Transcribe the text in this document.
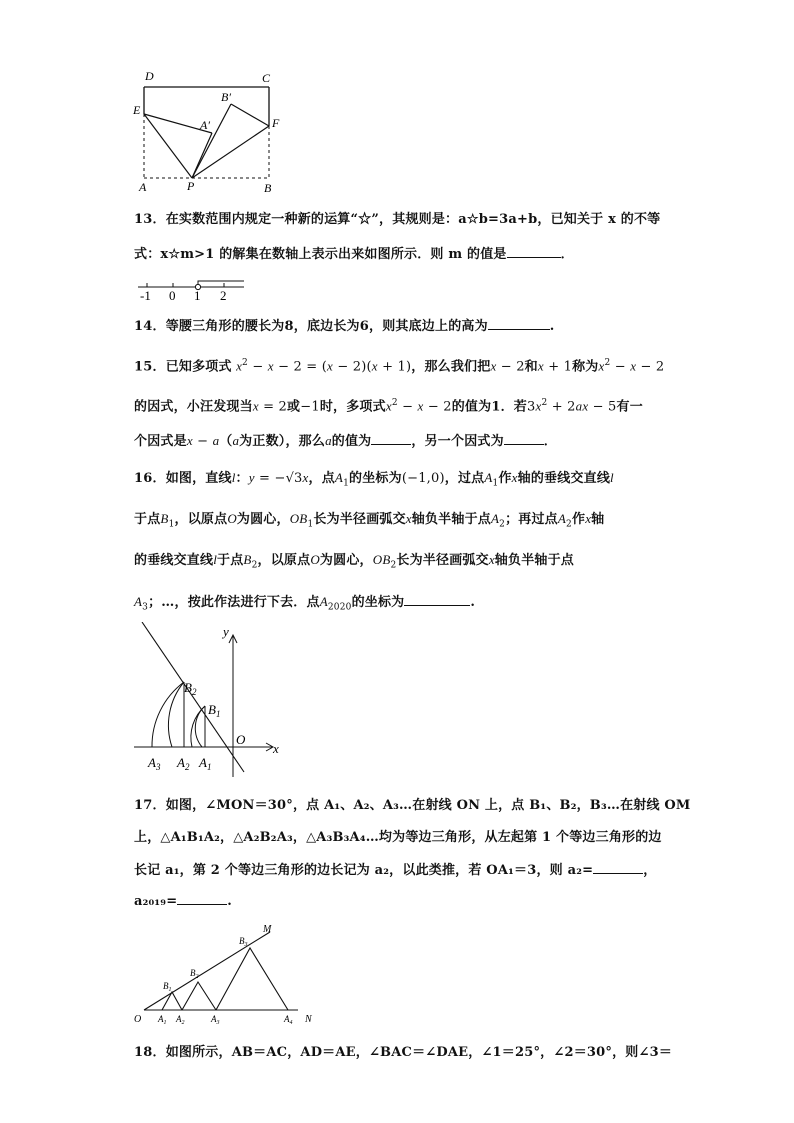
D	C
E
B′
A′	F
A	P	B
13．在实数范围内规定一种新的运算“☆”，其规则是：a☆b=3a+b，已知关于 x 的不等
式：x☆m>1 的解集在数轴上表示出来如图所示．则 m 的值是	．
-1 0 1 2
14．等腰三角形的腰长为8，底边长为6，则其底边上的高为	.
15．已知多项式 $x^2 - x - 2 = (x - 2)(x + 1)$，那么我们把x − 2和x + 1称为$x^2 - x - 2$
的因式，小汪发现当x = 2或−1时，多项式$x^2 - x - 2$的值为1．若$3x^2 + 2ax - 5$有一
个因式是x − a（a为正数），那么a的值为	，另一个因式为	．
16．如图，直线l：y = −√3x，点$A_1$的坐标为(−1,0)，过点$A_1$作x轴的垂线交直线l
于点$B_1$，以原点O为圆心，$OB_1$长为半径画弧交x轴负半轴于点$A_2$；再过点$A_2$作x轴
的垂线交直线l于点$B_2$，以原点O为圆心，$OB_2$长为半径画弧交x轴负半轴于点
$A_3$；…，按此作法进行下去．点$A_{2020}$的坐标为	.
y
x
O
$B_2$
$B_1$
$A_3$ $A_2$ $A_1$
17．如图，∠MON＝30°，点 A₁、A₂、A₃…在射线 ON 上，点 B₁、B₂，B₃…在射线 OM
上，△A₁B₁A₂，△A₂B₂A₃，△A₃B₃A₄…均为等边三角形，从左起第 1 个等边三角形的边
长记 a₁，第 2 个等边三角形的边长记为 a₂，以此类推，若 OA₁＝3，则 a₂=	，
a₂₀₁₉=	.
M
N
O
$B_1$
$B_2$
$B_3$
$A_1$ $A_2$	$A_3$	$A_4$
18．如图所示，AB＝AC，AD＝AE，∠BAC＝∠DAE，∠1＝25°，∠2＝30°，则∠3＝
